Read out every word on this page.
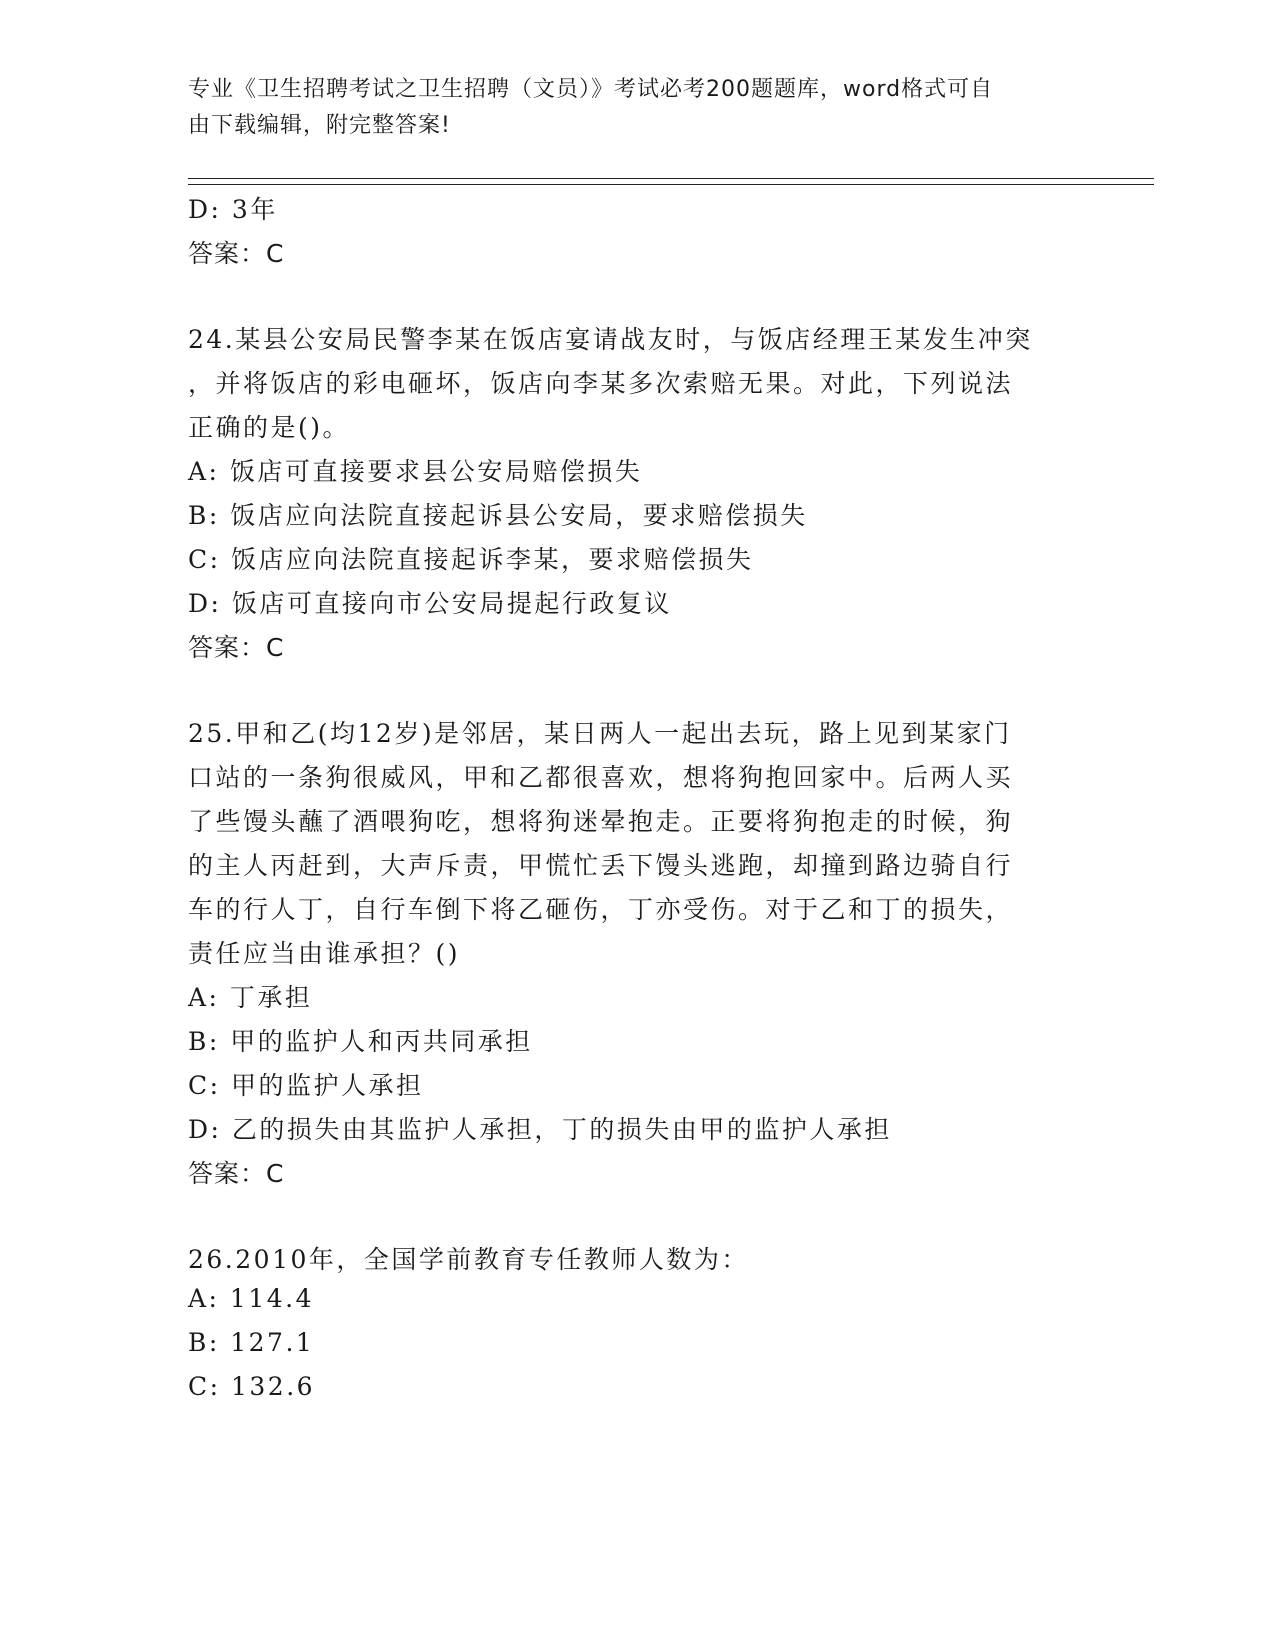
专业《卫生招聘考试之卫生招聘（文员）》考试必考200题题库，word格式可自
由下载编辑，附完整答案!
D: 3年
答案：C
24.某县公安局民警李某在饭店宴请战友时，与饭店经理王某发生冲突
，并将饭店的彩电砸坏，饭店向李某多次索赔无果。对此，下列说法
正确的是()。
A: 饭店可直接要求县公安局赔偿损失
B: 饭店应向法院直接起诉县公安局，要求赔偿损失
C: 饭店应向法院直接起诉李某，要求赔偿损失
D: 饭店可直接向市公安局提起行政复议
答案：C
25.甲和乙(均12岁)是邻居，某日两人一起出去玩，路上见到某家门
口站的一条狗很威风，甲和乙都很喜欢，想将狗抱回家中。后两人买
了些馒头蘸了酒喂狗吃，想将狗迷晕抱走。正要将狗抱走的时候，狗
的主人丙赶到，大声斥责，甲慌忙丢下馒头逃跑，却撞到路边骑自行
车的行人丁，自行车倒下将乙砸伤，丁亦受伤。对于乙和丁的损失，
责任应当由谁承担？()
A: 丁承担
B: 甲的监护人和丙共同承担
C: 甲的监护人承担
D: 乙的损失由其监护人承担，丁的损失由甲的监护人承担
答案：C
26.2010年，全国学前教育专任教师人数为：
A: 114.4
B: 127.1
C: 132.6
